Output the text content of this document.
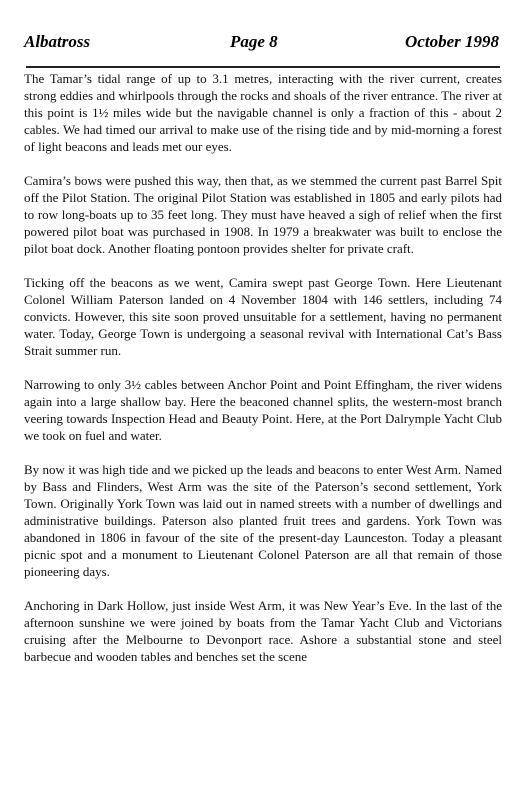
Albatross	Page 8	October 1998

The Tamar’s tidal range of up to 3.1 metres, interacting with the river current, creates strong eddies and whirlpools through the rocks and shoals of the river entrance. The river at this point is 1½ miles wide but the navigable channel is only a fraction of this - about 2 cables. We had timed our arrival to make use of the rising tide and by mid-morning a forest of light beacons and leads met our eyes.

Camira’s bows were pushed this way, then that, as we stemmed the current past Barrel Spit off the Pilot Station. The original Pilot Station was established in 1805 and early pilots had to row long-boats up to 35 feet long. They must have heaved a sigh of relief when the first powered pilot boat was purchased in 1908. In 1979 a breakwater was built to enclose the pilot boat dock. Another floating pontoon provides shelter for private craft.

Ticking off the beacons as we went, Camira swept past George Town. Here Lieutenant Colonel William Paterson landed on 4 November 1804 with 146 settlers, including 74 convicts. However, this site soon proved unsuitable for a settlement, having no permanent water. Today, George Town is undergoing a seasonal revival with International Cat’s Bass Strait summer run.

Narrowing to only 3½ cables between Anchor Point and Point Effingham, the river widens again into a large shallow bay. Here the beaconed channel splits, the western-most branch veering towards Inspection Head and Beauty Point. Here, at the Port Dalrymple Yacht Club we took on fuel and water.

By now it was high tide and we picked up the leads and beacons to enter West Arm. Named by Bass and Flinders, West Arm was the site of the Paterson’s second settlement, York Town. Originally York Town was laid out in named streets with a number of dwellings and administrative buildings. Paterson also planted fruit trees and gardens. York Town was abandoned in 1806 in favour of the site of the present-day Launceston. Today a pleasant picnic spot and a monument to Lieutenant Colonel Paterson are all that remain of those pioneering days.

Anchoring in Dark Hollow, just inside West Arm, it was New Year’s Eve. In the last of the afternoon sunshine we were joined by boats from the Tamar Yacht Club and Victorians cruising after the Melbourne to Devonport race. Ashore a substantial stone and steel barbecue and wooden tables and benches set the scene
